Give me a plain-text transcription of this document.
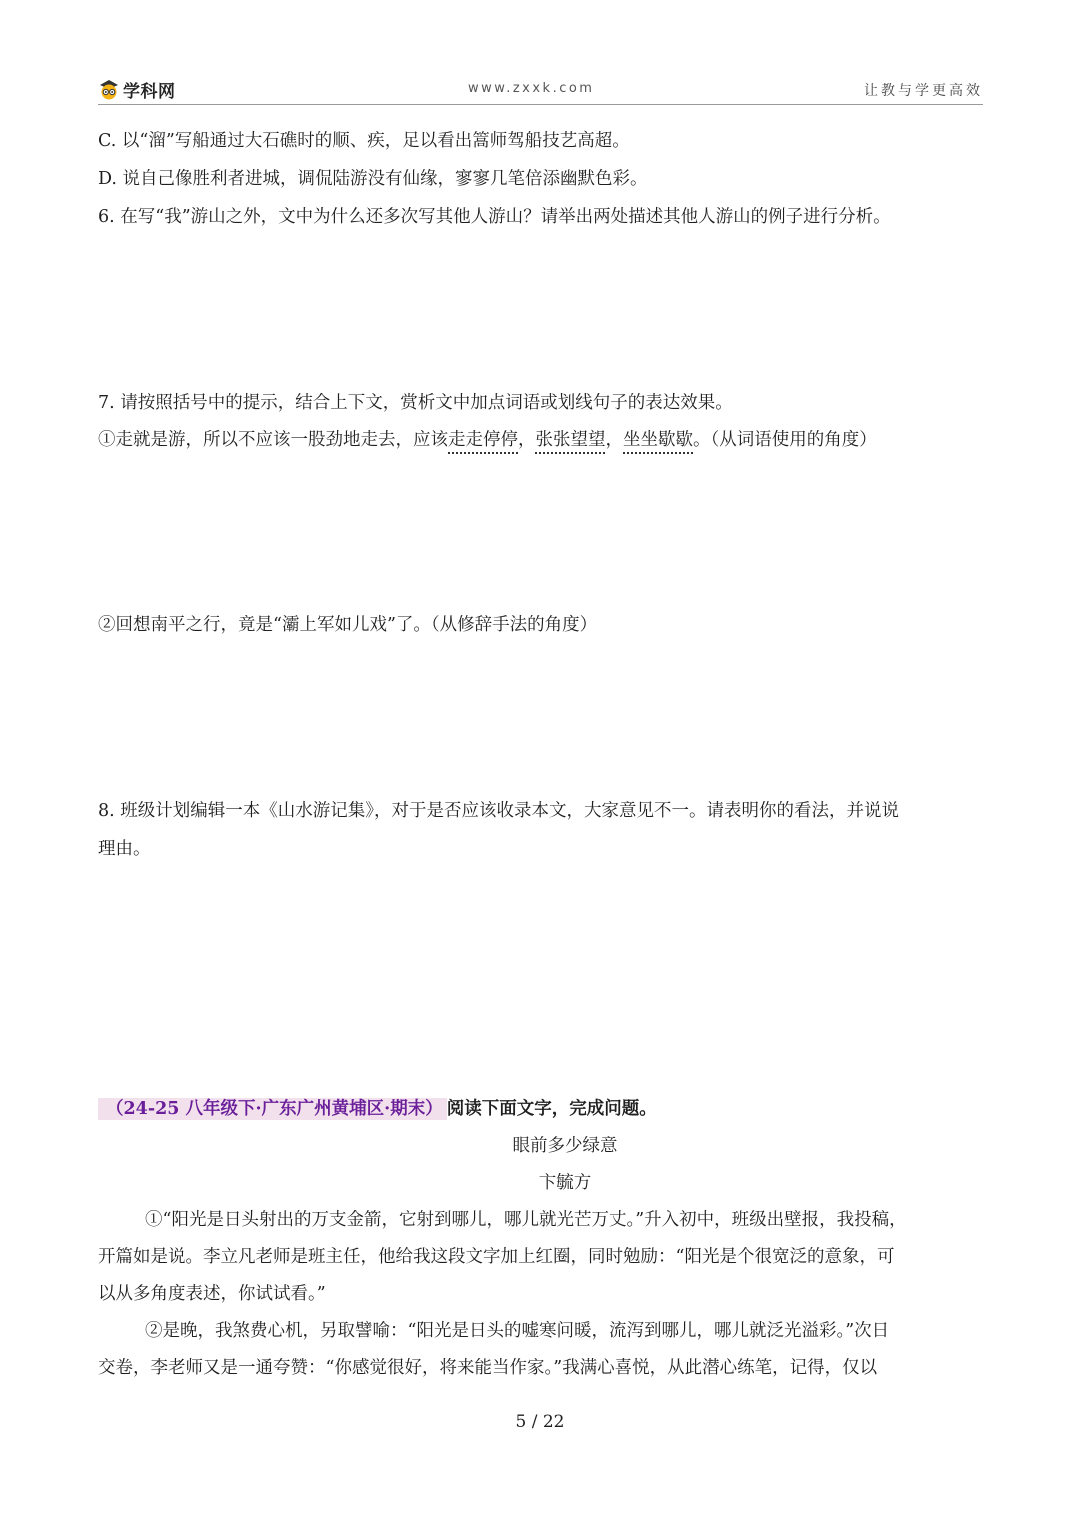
学科网	www.zxxk.com	让教与学更高效
C. 以“溜”写船通过大石礁时的顺、疾，足以看出篙师驾船技艺高超。
D. 说自己像胜利者进城，调侃陆游没有仙缘，寥寥几笔倍添幽默色彩。
6. 在写“我”游山之外，文中为什么还多次写其他人游山？请举出两处描述其他人游山的例子进行分析。
7. 请按照括号中的提示，结合上下文，赏析文中加点词语或划线句子的表达效果。
①走就是游，所以不应该一股劲地走去，应该走走停停，张张望望，坐坐歇歇。（从词语使用的角度）
②回想南平之行，竟是“灞上军如儿戏”了。（从修辞手法的角度）
8. 班级计划编辑一本《山水游记集》，对于是否应该收录本文，大家意见不一。请表明你的看法，并说说
理由。
（24-25 八年级下·广东广州黄埔区·期末） 阅读下面文字，完成问题。
眼前多少绿意
卞毓方
①“阳光是日头射出的万支金箭，它射到哪儿，哪儿就光芒万丈。”升入初中，班级出壁报，我投稿，
开篇如是说。李立凡老师是班主任，他给我这段文字加上红圈，同时勉励：“阳光是个很宽泛的意象，可
以从多角度表述，你试试看。”
②是晚，我煞费心机，另取譬喻：“阳光是日头的嘘寒问暖，流泻到哪儿，哪儿就泛光溢彩。”次日
交卷，李老师又是一通夸赞：“你感觉很好，将来能当作家。”我满心喜悦，从此潜心练笔，记得，仅以
5 / 22
